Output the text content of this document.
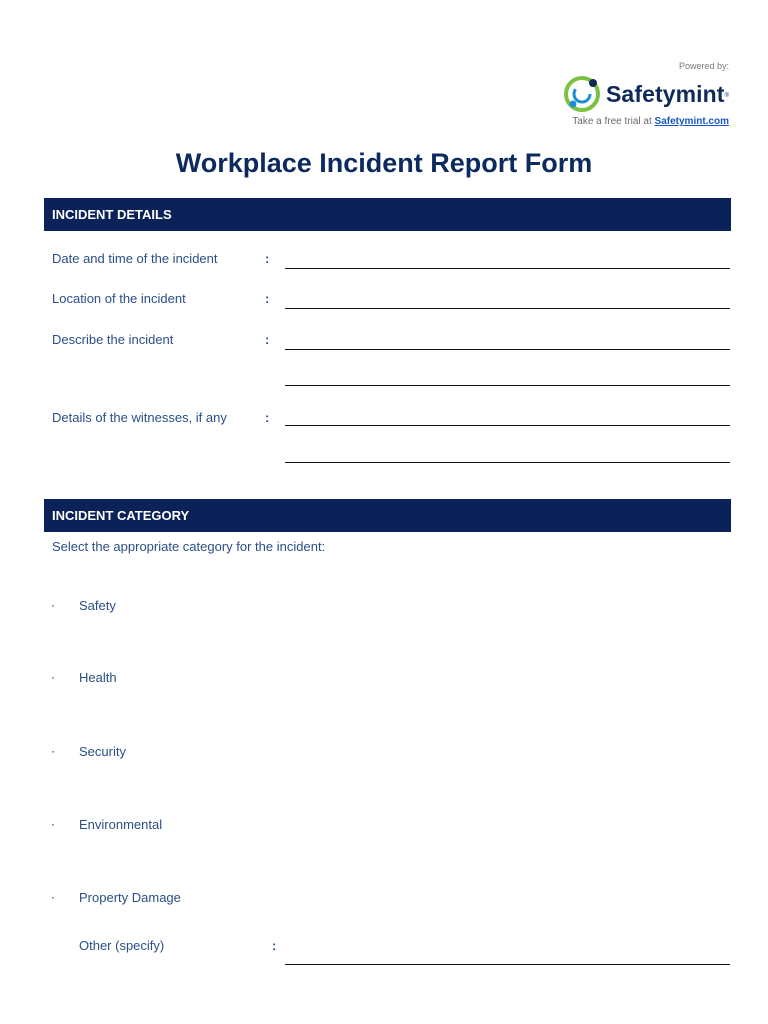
Powered by:
Safetymint ®
Take a free trial at Safetymint.com
Workplace Incident Report Form
INCIDENT DETAILS
Date and time of the incident	:
Location of the incident	:
Describe the incident	:
Details of the witnesses, if any	:
INCIDENT CATEGORY
Select the appropriate category for the incident:
· Safety
· Health
· Security
· Environmental
· Property Damage
Other (specify)	:
